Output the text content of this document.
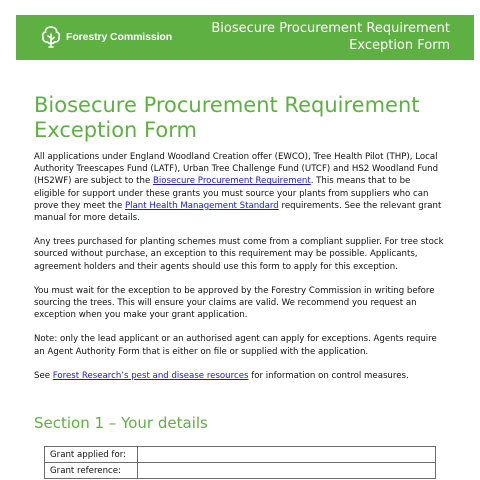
Forestry Commission
Biosecure Procurement Requirement
Exception Form
Biosecure Procurement Requirement
Exception Form

All applications under England Woodland Creation offer (EWCO), Tree Health Pilot (THP), Local Authority Treescapes Fund (LATF), Urban Tree Challenge Fund (UTCF) and HS2 Woodland Fund (HS2WF) are subject to the Biosecure Procurement Requirement. This means that to be eligible for support under these grants you must source your plants from suppliers who can prove they meet the Plant Health Management Standard requirements. See the relevant grant manual for more details.

Any trees purchased for planting schemes must come from a compliant supplier. For tree stock sourced without purchase, an exception to this requirement may be possible. Applicants, agreement holders and their agents should use this form to apply for this exception.

You must wait for the exception to be approved by the Forestry Commission in writing before sourcing the trees. This will ensure your claims are valid. We recommend you request an exception when you make your grant application.

Note: only the lead applicant or an authorised agent can apply for exceptions. Agents require an Agent Authority Form that is either on file or supplied with the application.

See Forest Research’s pest and disease resources for information on control measures.

Section 1 – Your details
Grant applied for:	
Grant reference:	
